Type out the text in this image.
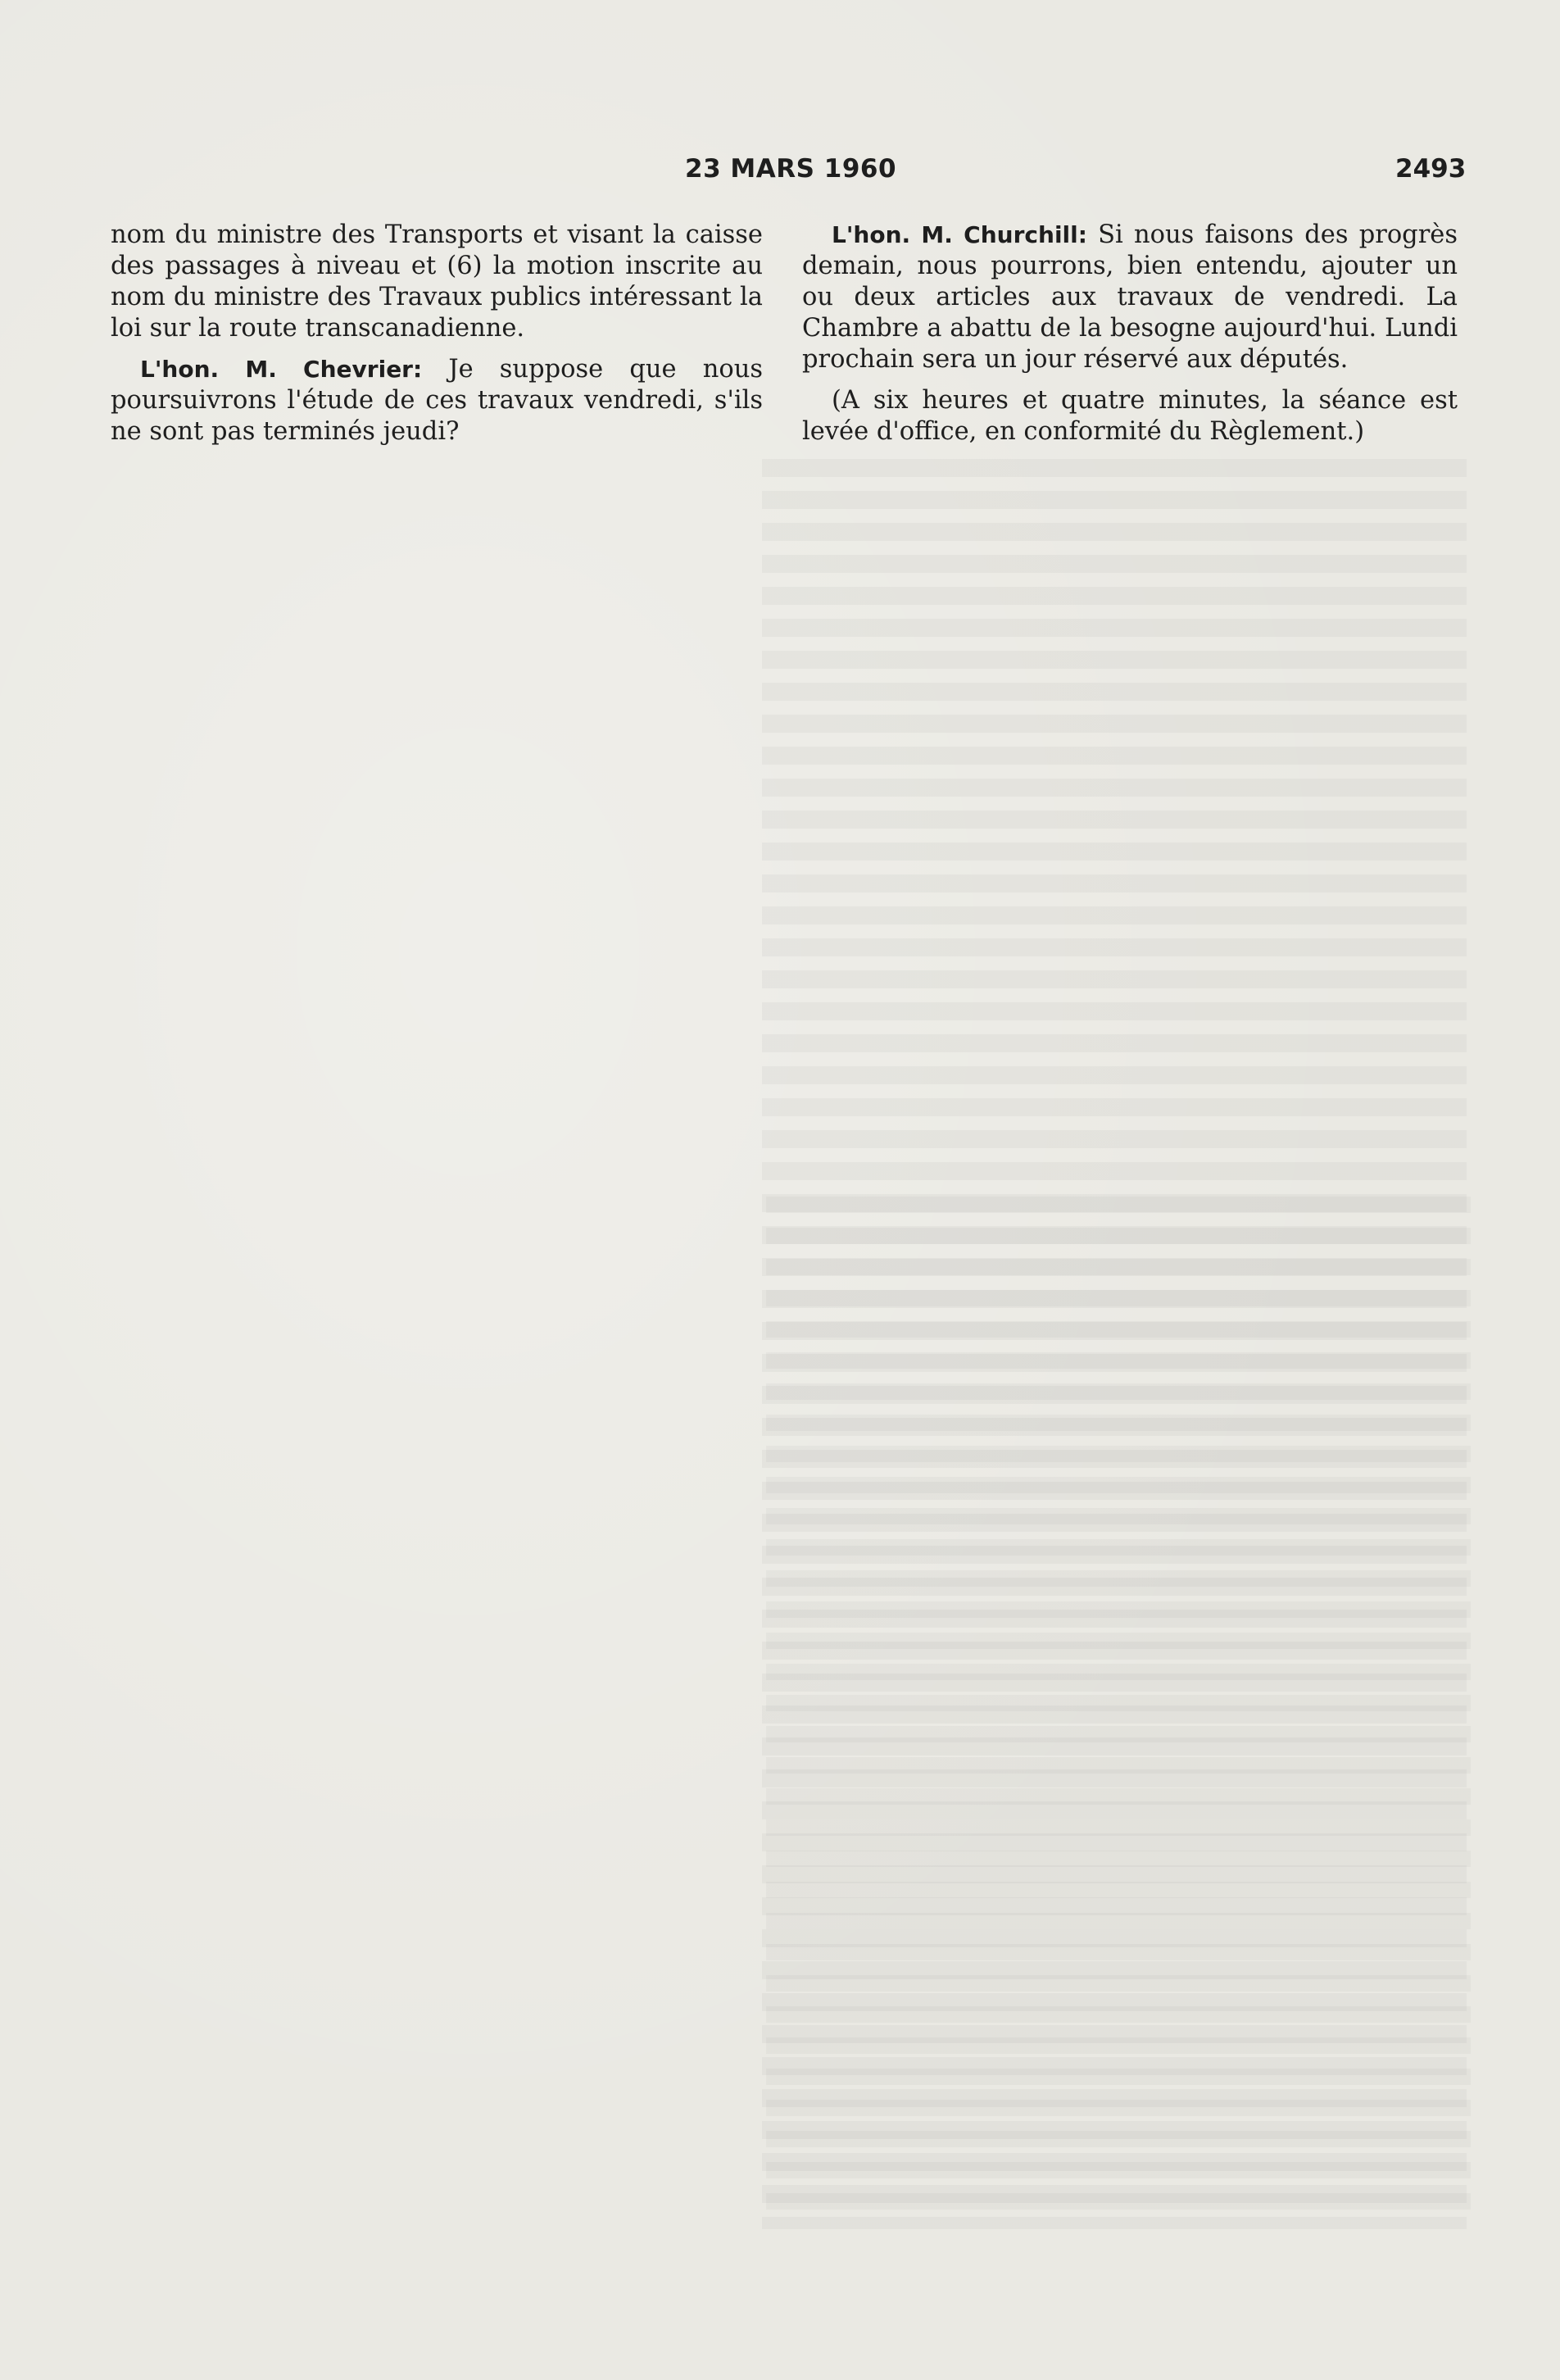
23 MARS 1960	2493

nom du ministre des Transports et visant la caisse des passages à niveau et (6) la motion inscrite au nom du ministre des Travaux publics intéressant la loi sur la route transcanadienne.

L'hon. M. Chevrier: Je suppose que nous poursuivrons l'étude de ces travaux vendredi, s'ils ne sont pas terminés jeudi?

L'hon. M. Churchill: Si nous faisons des progrès demain, nous pourrons, bien entendu, ajouter un ou deux articles aux travaux de vendredi. La Chambre a abattu de la besogne aujourd'hui. Lundi prochain sera un jour réservé aux députés.

(A six heures et quatre minutes, la séance est levée d'office, en conformité du Règlement.)
